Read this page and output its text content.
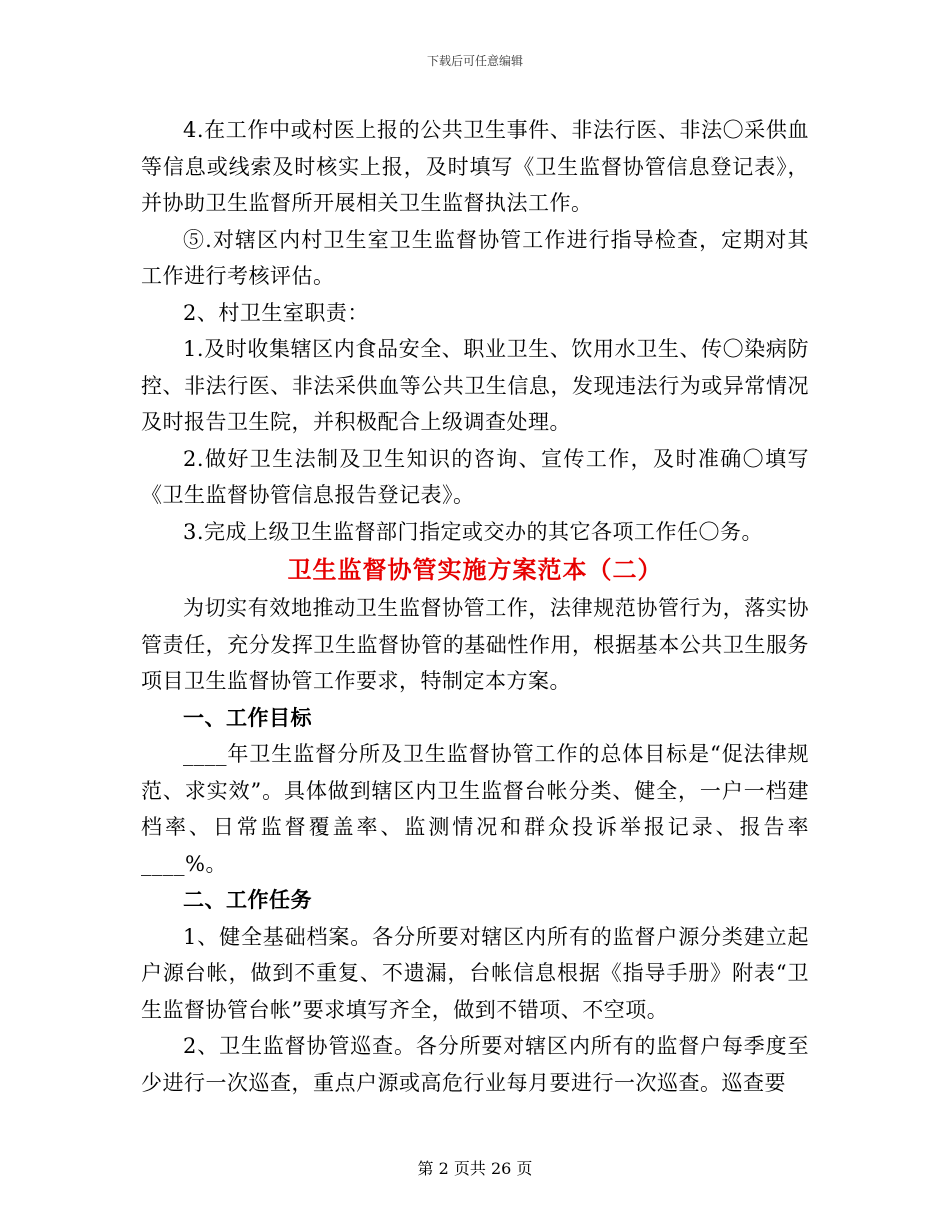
下载后可任意编辑

4.在工作中或村医上报的公共卫生事件、非法行医、非法〇采供血等信息或线索及时核实上报，及时填写《卫生监督协管信息登记表》，并协助卫生监督所开展相关卫生监督执法工作。

⑤.对辖区内村卫生室卫生监督协管工作进行指导检查，定期对其工作进行考核评估。

2、村卫生室职责：

1.及时收集辖区内食品安全、职业卫生、饮用水卫生、传〇染病防控、非法行医、非法采供血等公共卫生信息，发现违法行为或异常情况及时报告卫生院，并积极配合上级调查处理。

2.做好卫生法制及卫生知识的咨询、宣传工作，及时准确〇填写《卫生监督协管信息报告登记表》。

3.完成上级卫生监督部门指定或交办的其它各项工作任〇务。

卫生监督协管实施方案范本（二）

为切实有效地推动卫生监督协管工作，法律规范协管行为，落实协管责任，充分发挥卫生监督协管的基础性作用，根据基本公共卫生服务项目卫生监督协管工作要求，特制定本方案。

一、工作目标

____年卫生监督分所及卫生监督协管工作的总体目标是“促法律规范、求实效”。具体做到辖区内卫生监督台帐分类、健全，一户一档建档率、日常监督覆盖率、监测情况和群众投诉举报记录、报告率____%。

二、工作任务

1、健全基础档案。各分所要对辖区内所有的监督户源分类建立起户源台帐，做到不重复、不遗漏，台帐信息根据《指导手册》附表“卫生监督协管台帐”要求填写齐全，做到不错项、不空项。

2、卫生监督协管巡查。各分所要对辖区内所有的监督户每季度至少进行一次巡查，重点户源或高危行业每月要进行一次巡查。巡查要

第 2 页共 26 页
